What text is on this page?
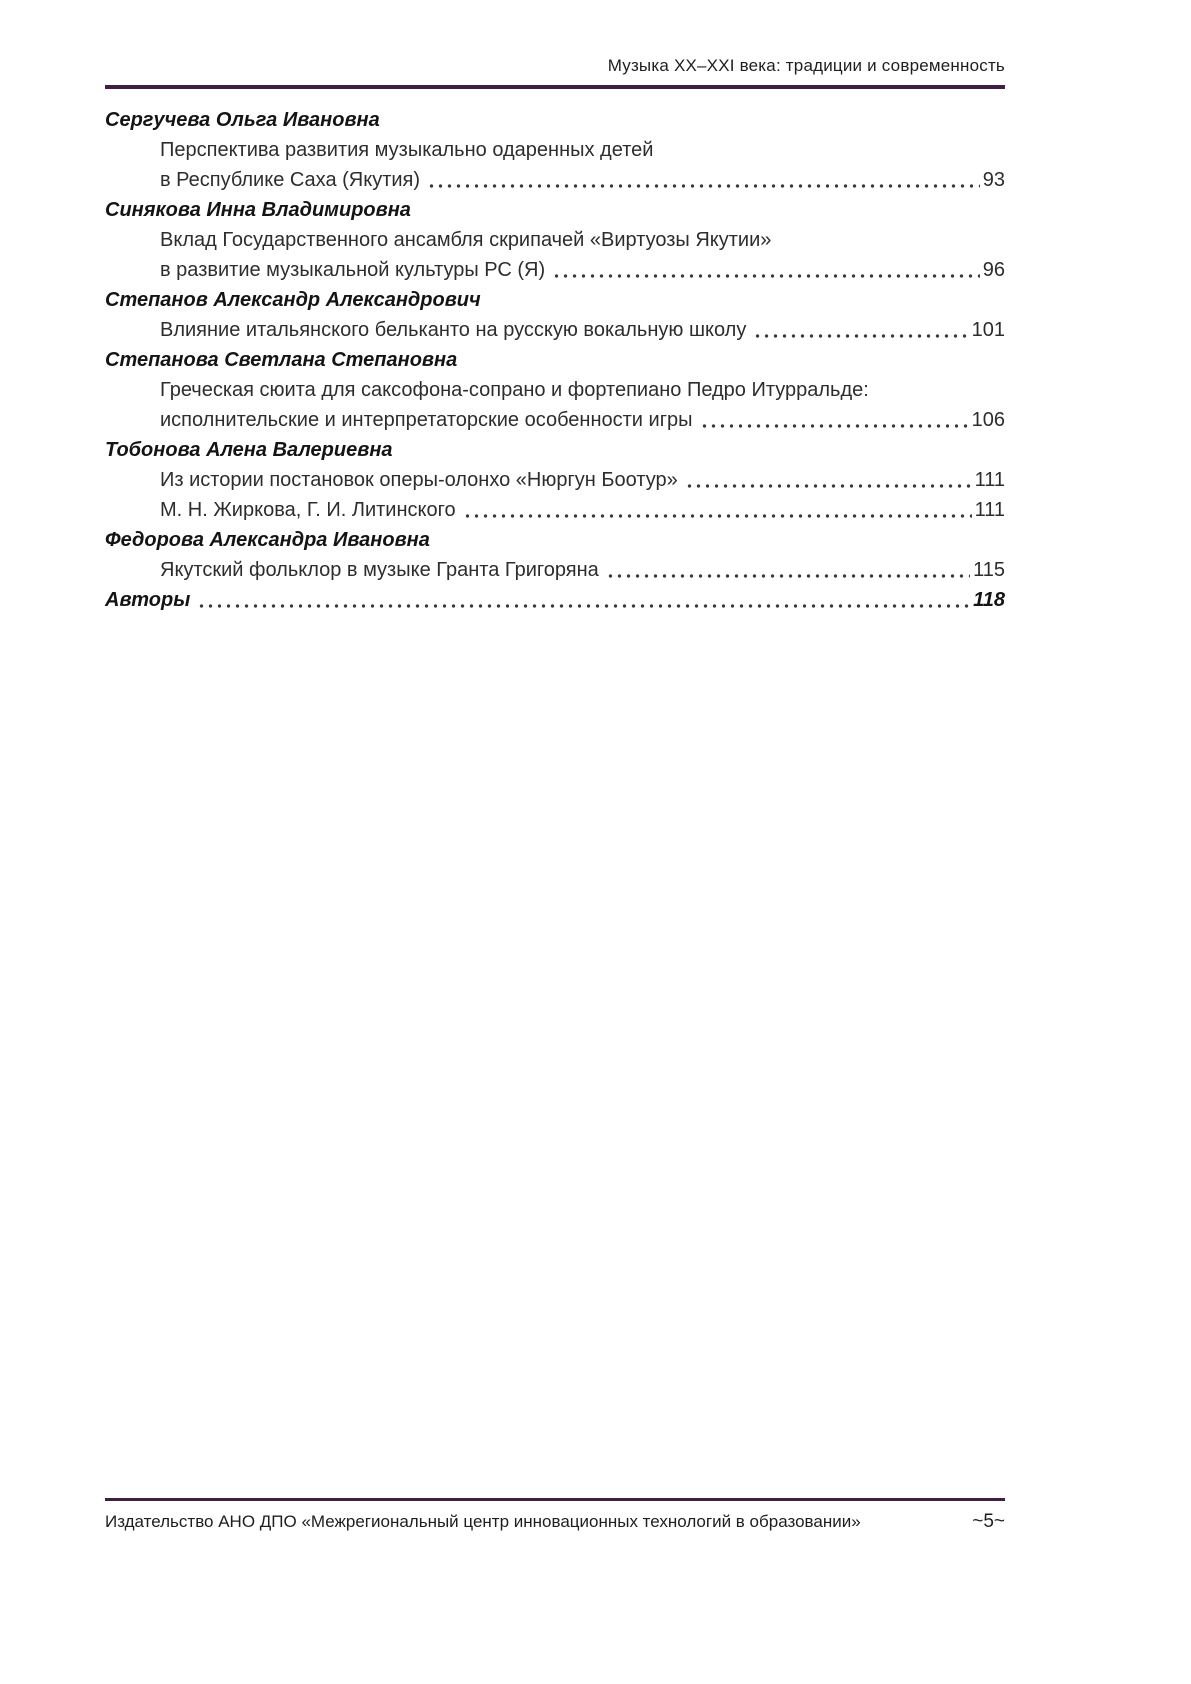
Музыка XX–XXI века: традиции и современность
Сергучева Ольга Ивановна
Перспектива развития музыкально одаренных детей
в Республике Саха (Якутия)	93
Синякова Инна Владимировна
Вклад Государственного ансамбля скрипачей «Виртуозы Якутии»
в развитие музыкальной культуры РС (Я)	96
Степанов Александр Александрович
Влияние итальянского бельканто на русскую вокальную школу	101
Степанова Светлана Степановна
Греческая сюита для саксофона-сопрано и фортепиано Педро Итурральде:
исполнительские и интерпретаторские особенности игры	106
Тобонова Алена Валериевна
Из истории постановок оперы-олонхо «Нюргун Боотур»	111
М. Н. Жиркова, Г. И. Литинского	111
Федорова Александра Ивановна
Якутский фольклор в музыке Гранта Григоряна	115
Авторы	118
Издательство АНО ДПО «Межрегиональный центр инновационных технологий в образовании»	~5~
